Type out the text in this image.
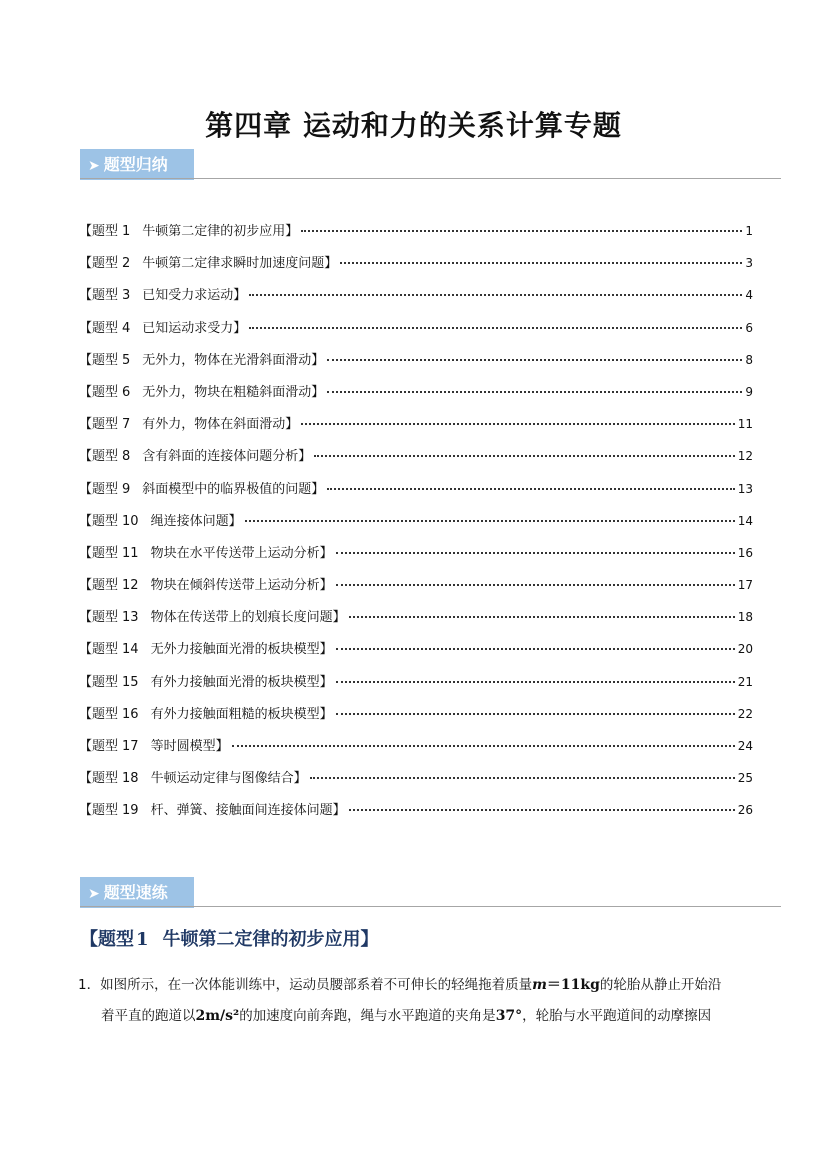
第四章 运动和力的关系计算专题
➤ 题型归纳
【题型 1 牛顿第二定律的初步应用】	1
【题型 2 牛顿第二定律求瞬时加速度问题】	3
【题型 3 已知受力求运动】	4
【题型 4 已知运动求受力】	6
【题型 5 无外力，物体在光滑斜面滑动】	8
【题型 6 无外力，物块在粗糙斜面滑动】	9
【题型 7 有外力，物体在斜面滑动】	11
【题型 8 含有斜面的连接体问题分析】	12
【题型 9 斜面模型中的临界极值的问题】	13
【题型 10 绳连接体问题】	14
【题型 11 物块在水平传送带上运动分析】	16
【题型 12 物块在倾斜传送带上运动分析】	17
【题型 13 物体在传送带上的划痕长度问题】	18
【题型 14 无外力接触面光滑的板块模型】	20
【题型 15 有外力接触面光滑的板块模型】	21
【题型 16 有外力接触面粗糙的板块模型】	22
【题型 17 等时圆模型】	24
【题型 18 牛顿运动定律与图像结合】	25
【题型 19 杆、弹簧、接触面间连接体问题】	26
➤ 题型速练
【题型 1 牛顿第二定律的初步应用】
1．如图所示，在一次体能训练中，运动员腰部系着不可伸长的轻绳拖着质量m＝11kg的轮胎从静止开始沿
着平直的跑道以2m/s²的加速度向前奔跑，绳与水平跑道的夹角是37°，轮胎与水平跑道间的动摩擦因
